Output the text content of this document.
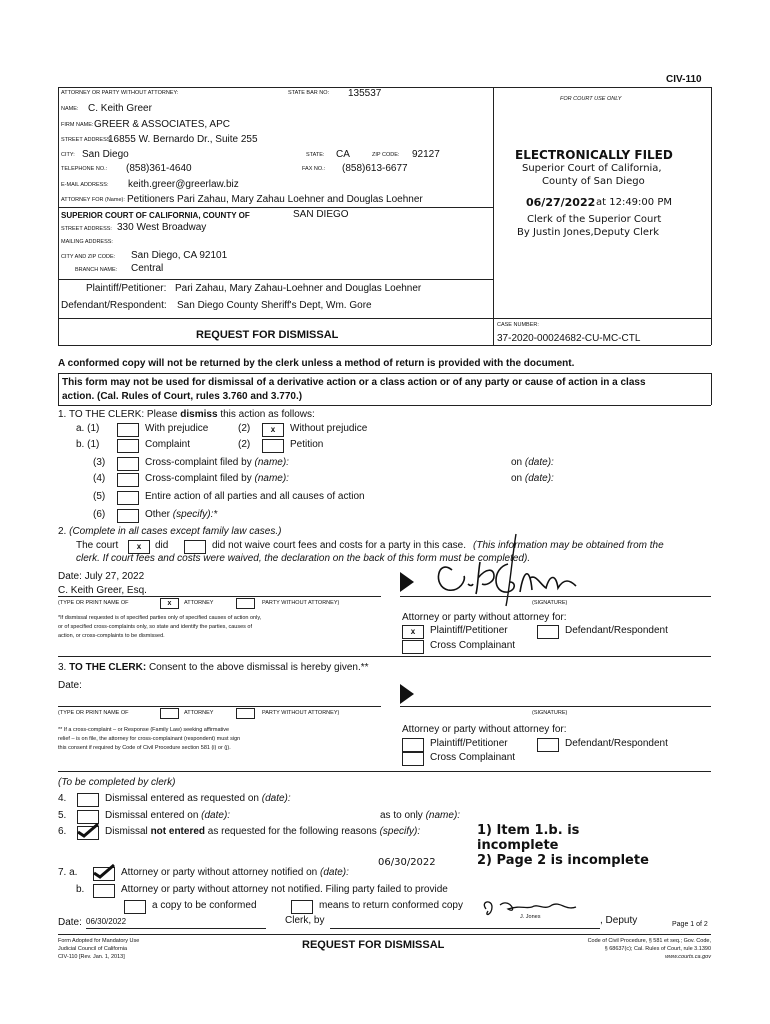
CIV-110
ATTORNEY OR PARTY WITHOUT ATTORNEY:	STATE BAR NO: 135537
NAME: C. Keith Greer
FIRM NAME: GREER & ASSOCIATES, APC
STREET ADDRESS:
16855 W. Bernardo Dr., Suite 255
CITY: San Diego	STATE: CA	ZIP CODE: 92127
TELEPHONE NO.: (858)361-4640	FAX NO.: (858)613-6677
E-MAIL ADDRESS: keith.greer@greerlaw.biz
ATTORNEY FOR (Name): Petitioners Pari Zahau, Mary Zahau Loehner and Douglas Loehner
SUPERIOR COURT OF CALIFORNIA, COUNTY OF	SAN DIEGO
STREET ADDRESS: 330 West Broadway
MAILING ADDRESS:
CITY AND ZIP CODE: San Diego, CA 92101
BRANCH NAME: Central
Plaintiff/Petitioner: Pari Zahau, Mary Zahau-Loehner and Douglas Loehner
Defendant/Respondent: San Diego County Sheriff's Dept, Wm. Gore
FOR COURT USE ONLY
ELECTRONICALLY FILED
Superior Court of California,
County of San Diego
06/27/2022 at 12:49:00 PM
Clerk of the Superior Court
By Justin Jones,Deputy Clerk
REQUEST FOR DISMISSAL
CASE NUMBER:
37-2020-00024682-CU-MC-CTL
A conformed copy will not be returned by the clerk unless a method of return is provided with the document.
This form may not be used for dismissal of a derivative action or a class action or of any party or cause of action in a class
action. (Cal. Rules of Court, rules 3.760 and 3.770.)
1. TO THE CLERK: Please dismiss this action as follows:
a. (1)	With prejudice	(2)	x	Without prejudice
b. (1)	Complaint	(2)	Petition
(3)	Cross-complaint filed by (name):	on (date):
(4)	Cross-complaint filed by (name):	on (date):
(5)	Entire action of all parties and all causes of action
(6)	Other (specify):*
2. (Complete in all cases except family law cases.)
The court	x	did	did not waive court fees and costs for a party in this case. (This information may be obtained from the
clerk. If court fees and costs were waived, the declaration on the back of this form must be completed).
Date: July 27, 2022
C. Keith Greer, Esq.
(TYPE OR PRINT NAME OF	x	ATTORNEY	PARTY WITHOUT ATTORNEY)	(SIGNATURE)
*If dismissal requested is of specified parties only of specified causes of action only,
or of specified cross-complaints only, so state and identify the parties, causes of
action, or cross-complaints to be dismissed.
Attorney or party without attorney for:
x	Plaintiff/Petitioner	Defendant/Respondent
Cross Complainant
3. TO THE CLERK: Consent to the above dismissal is hereby given.**
Date:
(TYPE OR PRINT NAME OF	ATTORNEY	PARTY WITHOUT ATTORNEY)	(SIGNATURE)
** If a cross-complaint – or Response (Family Law) seeking affirmative
relief – is on file, the attorney for cross-complainant (respondent) must sign
this consent if required by Code of Civil Procedure section 581 (i) or (j).
Attorney or party without attorney for:
Plaintiff/Petitioner	Defendant/Respondent
Cross Complainant
(To be completed by clerk)
4.	Dismissal entered as requested on (date):
5.	Dismissal entered on (date):	as to only (name):
6.	Dismissal not entered as requested for the following reasons (specify):	1) Item 1.b. is
incomplete
2) Page 2 is incomplete
06/30/2022
7. a.	Attorney or party without attorney notified on (date):
b.	Attorney or party without attorney not notified. Filing party failed to provide
a copy to be conformed	means to return conformed copy
Date: 06/30/2022	Clerk, by	J. Jones	, Deputy	Page 1 of 2
Form Adopted for Mandatory Use
Judicial Council of California
CIV-110 [Rev. Jan. 1, 2013]
REQUEST FOR DISMISSAL	Code of Civil Procedure, § 581 et seq.; Gov. Code,
§ 68637(c); Cal. Rules of Court, rule 3.1390
www.courts.ca.gov
